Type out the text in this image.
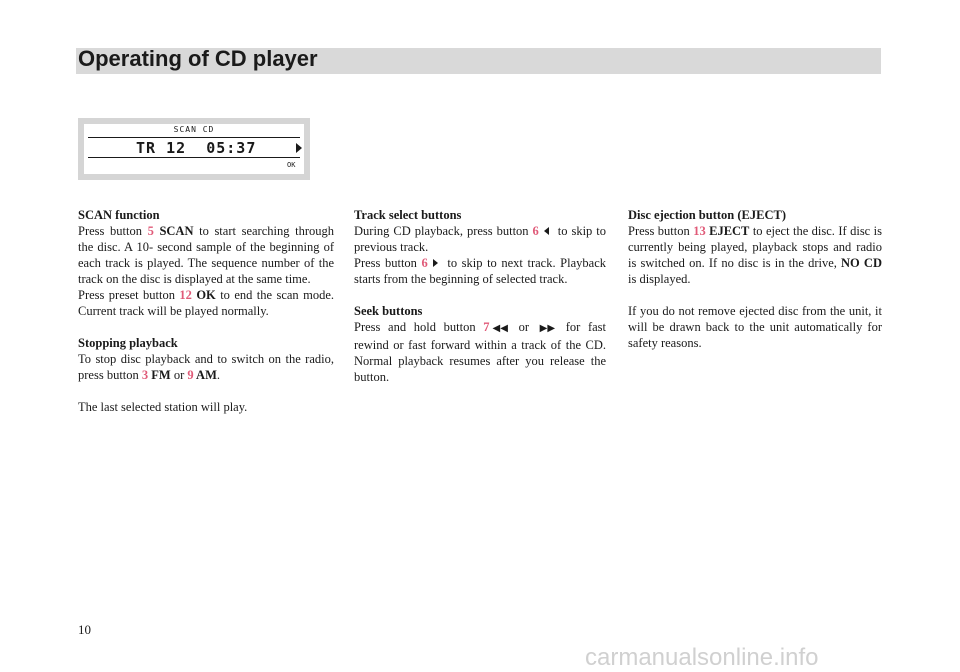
Operating of CD player
SCAN CD
TR 12  05:37
OK

SCAN function

Press button 5 SCAN to start searching through the disc. A 10- second sample of the beginning of each track is played. The sequence number of the track on the disc is displayed at the same time.

Press preset button 12 OK to end the scan mode. Current track will be played normally.

Stopping playback

To stop disc playback and to switch on the radio, press button 3 FM or 9 AM.

The last selected station will play.

Track select buttons

During CD playback, press button 6 to skip to previous track.

Press button 6 to skip to next track. Playback starts from the beginning of selected track.

Seek buttons

Press and hold button 7 ◀◀ or ▶▶ for fast rewind or fast forward within a track of the CD. Normal playback resumes after you release the button.

Disc ejection button (EJECT)

Press button 13 EJECT to eject the disc. If disc is currently being played, playback stops and radio is switched on. If no disc is in the drive, NO CD is displayed.

If you do not remove ejected disc from the unit, it will be drawn back to the unit automatically for safety reasons.

10
carmanualsonline.info
